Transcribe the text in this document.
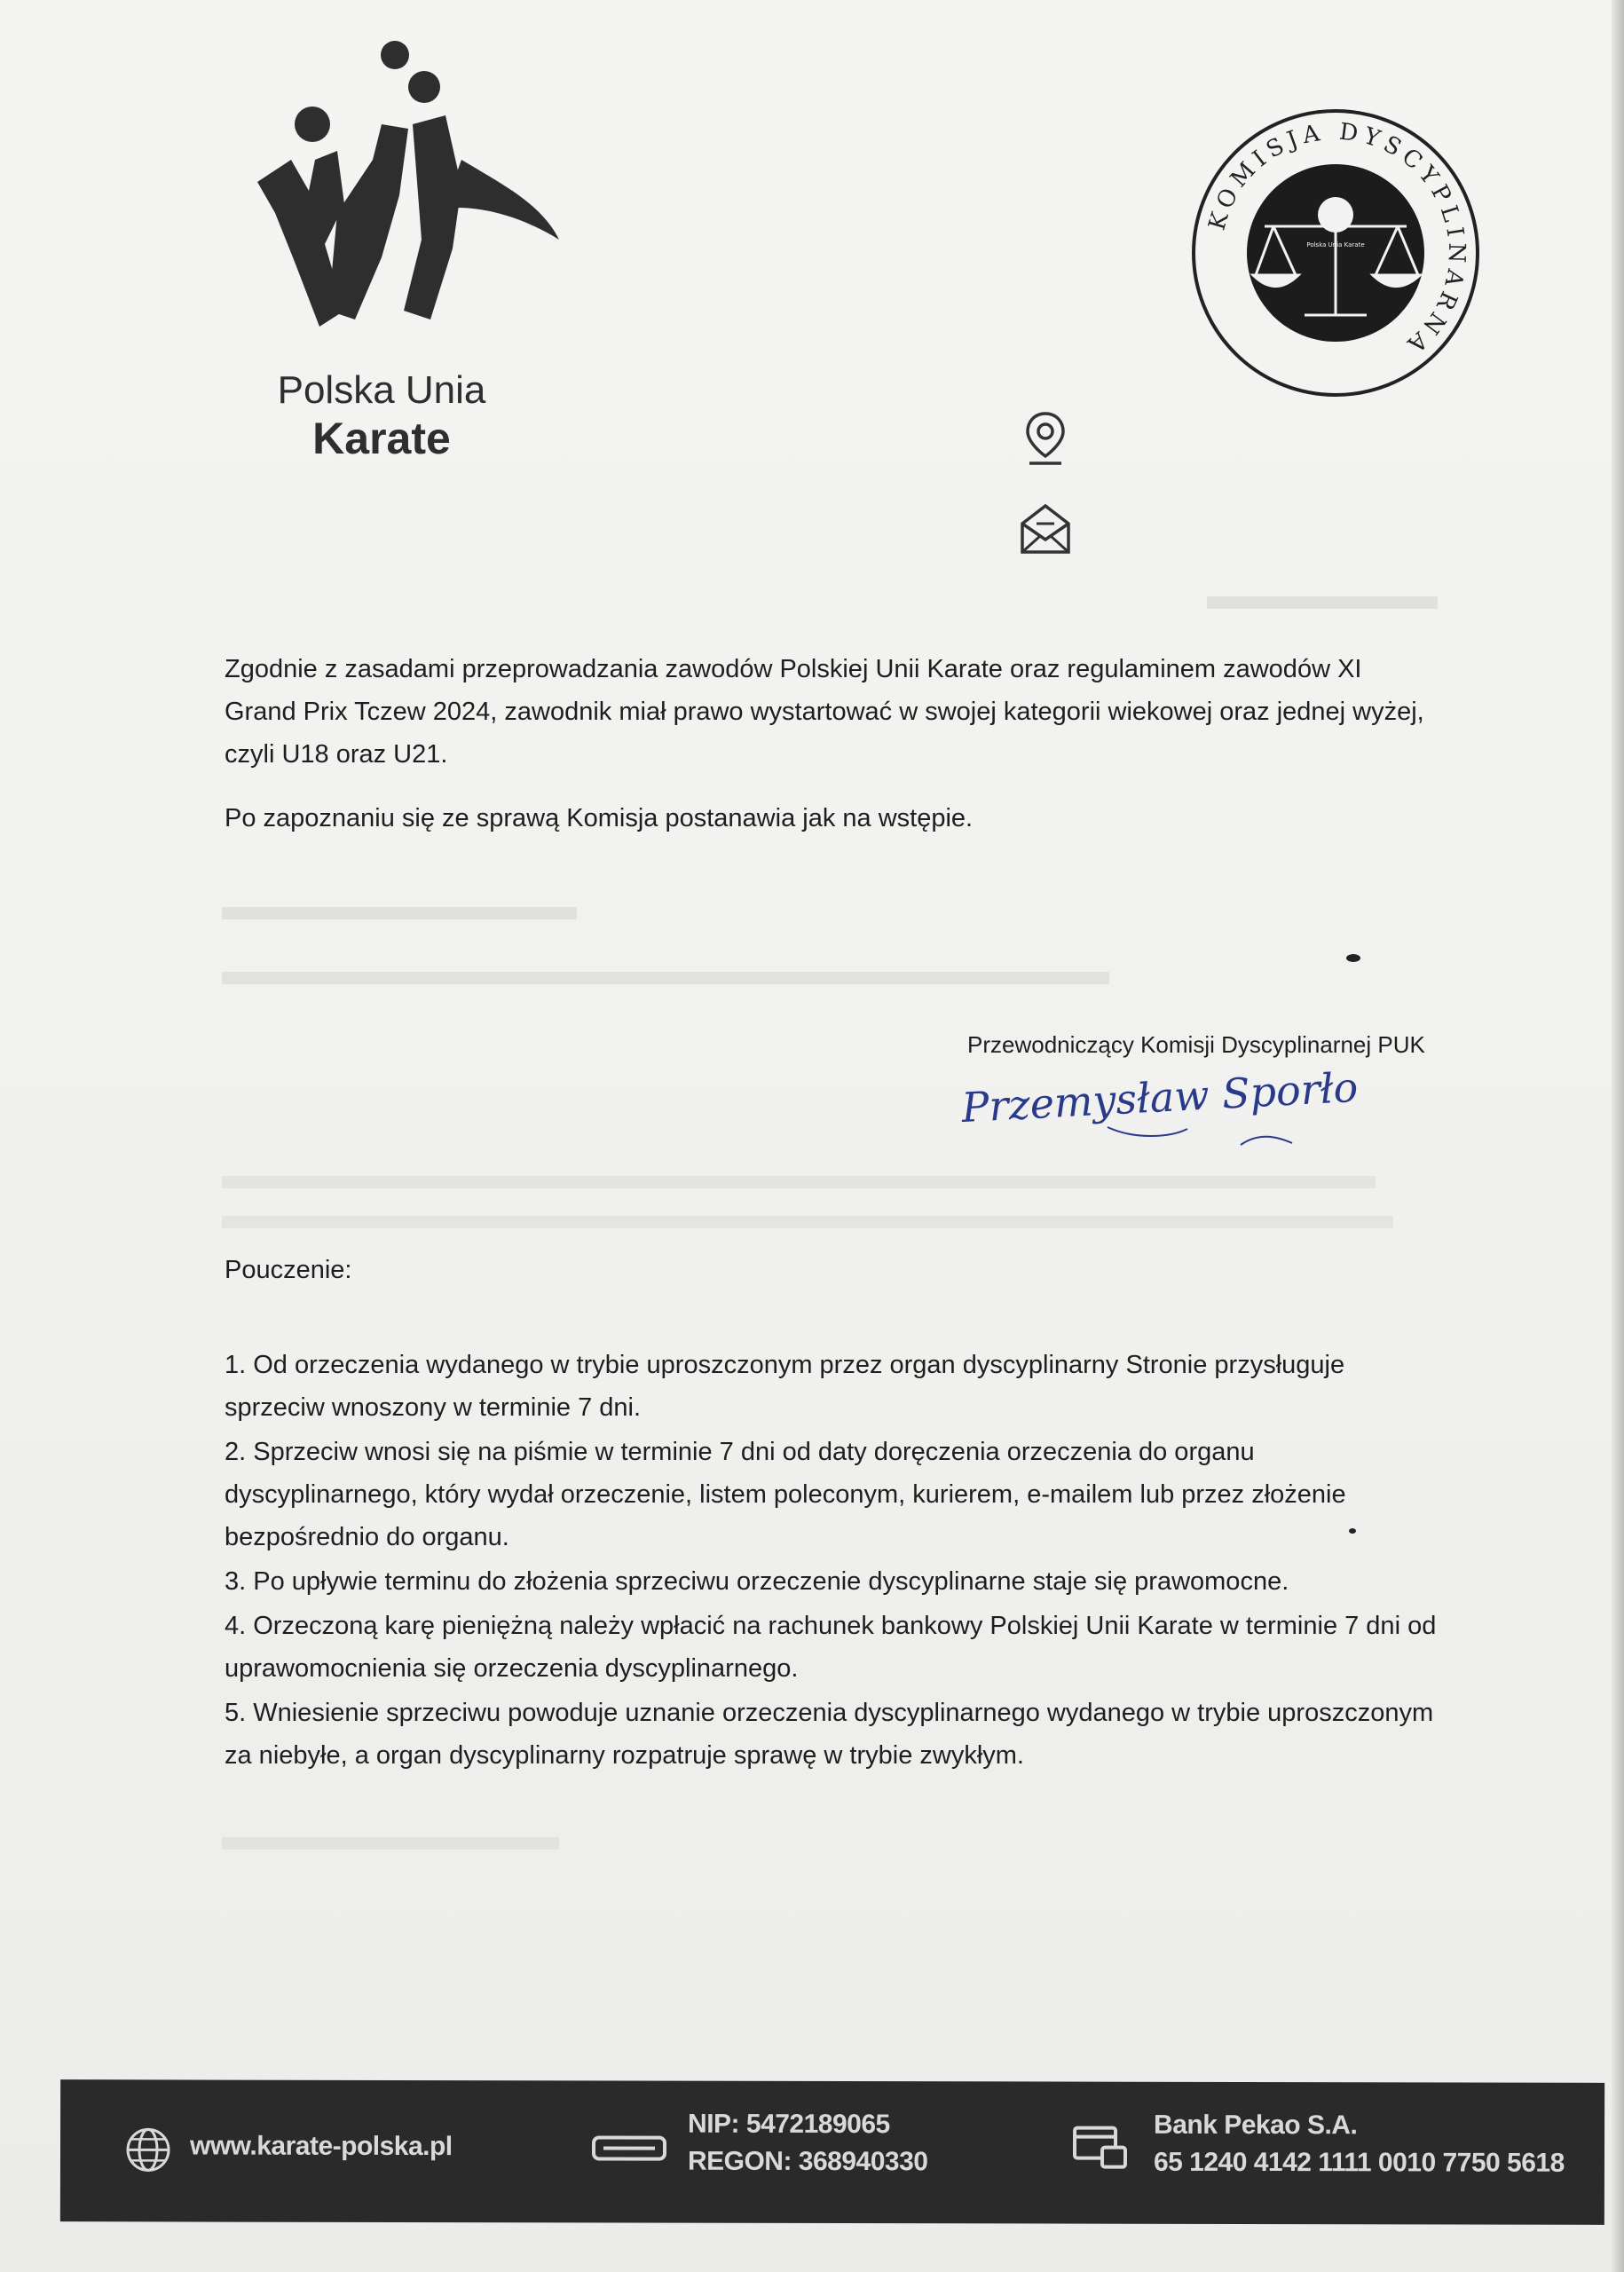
Polska Unia
Karate
KOMISJA DYSCYPLINARNA
Polska Unia Karate
Zgodnie z zasadami przeprowadzania zawodów Polskiej Unii Karate oraz regulaminem zawodów XI Grand Prix Tczew 2024, zawodnik miał prawo wystartować w swojej kategorii wiekowej oraz jednej wyżej, czyli U18 oraz U21.
Po zapoznaniu się ze sprawą Komisja postanawia jak na wstępie.
Przewodniczący Komisji Dyscyplinarnej PUK
Przemysław Sporło
Pouczenie:
1. Od orzeczenia wydanego w trybie uproszczonym przez organ dyscyplinarny Stronie przysługuje sprzeciw wnoszony w terminie 7 dni.
2. Sprzeciw wnosi się na piśmie w terminie 7 dni od daty doręczenia orzeczenia do organu dyscyplinarnego, który wydał orzeczenie, listem poleconym, kurierem, e-mailem lub przez złożenie bezpośrednio do organu.
3. Po upływie terminu do złożenia sprzeciwu orzeczenie dyscyplinarne staje się prawomocne.
4. Orzeczoną karę pieniężną należy wpłacić na rachunek bankowy Polskiej Unii Karate w terminie 7 dni od uprawomocnienia się orzeczenia dyscyplinarnego.
5. Wniesienie sprzeciwu powoduje uznanie orzeczenia dyscyplinarnego wydanego w trybie uproszczonym za niebyłe, a organ dyscyplinarny rozpatruje sprawę w trybie zwykłym.
www.karate-polska.pl
NIP: 5472189065
REGON: 368940330
Bank Pekao S.A.
65 1240 4142 1111 0010 7750 5618
